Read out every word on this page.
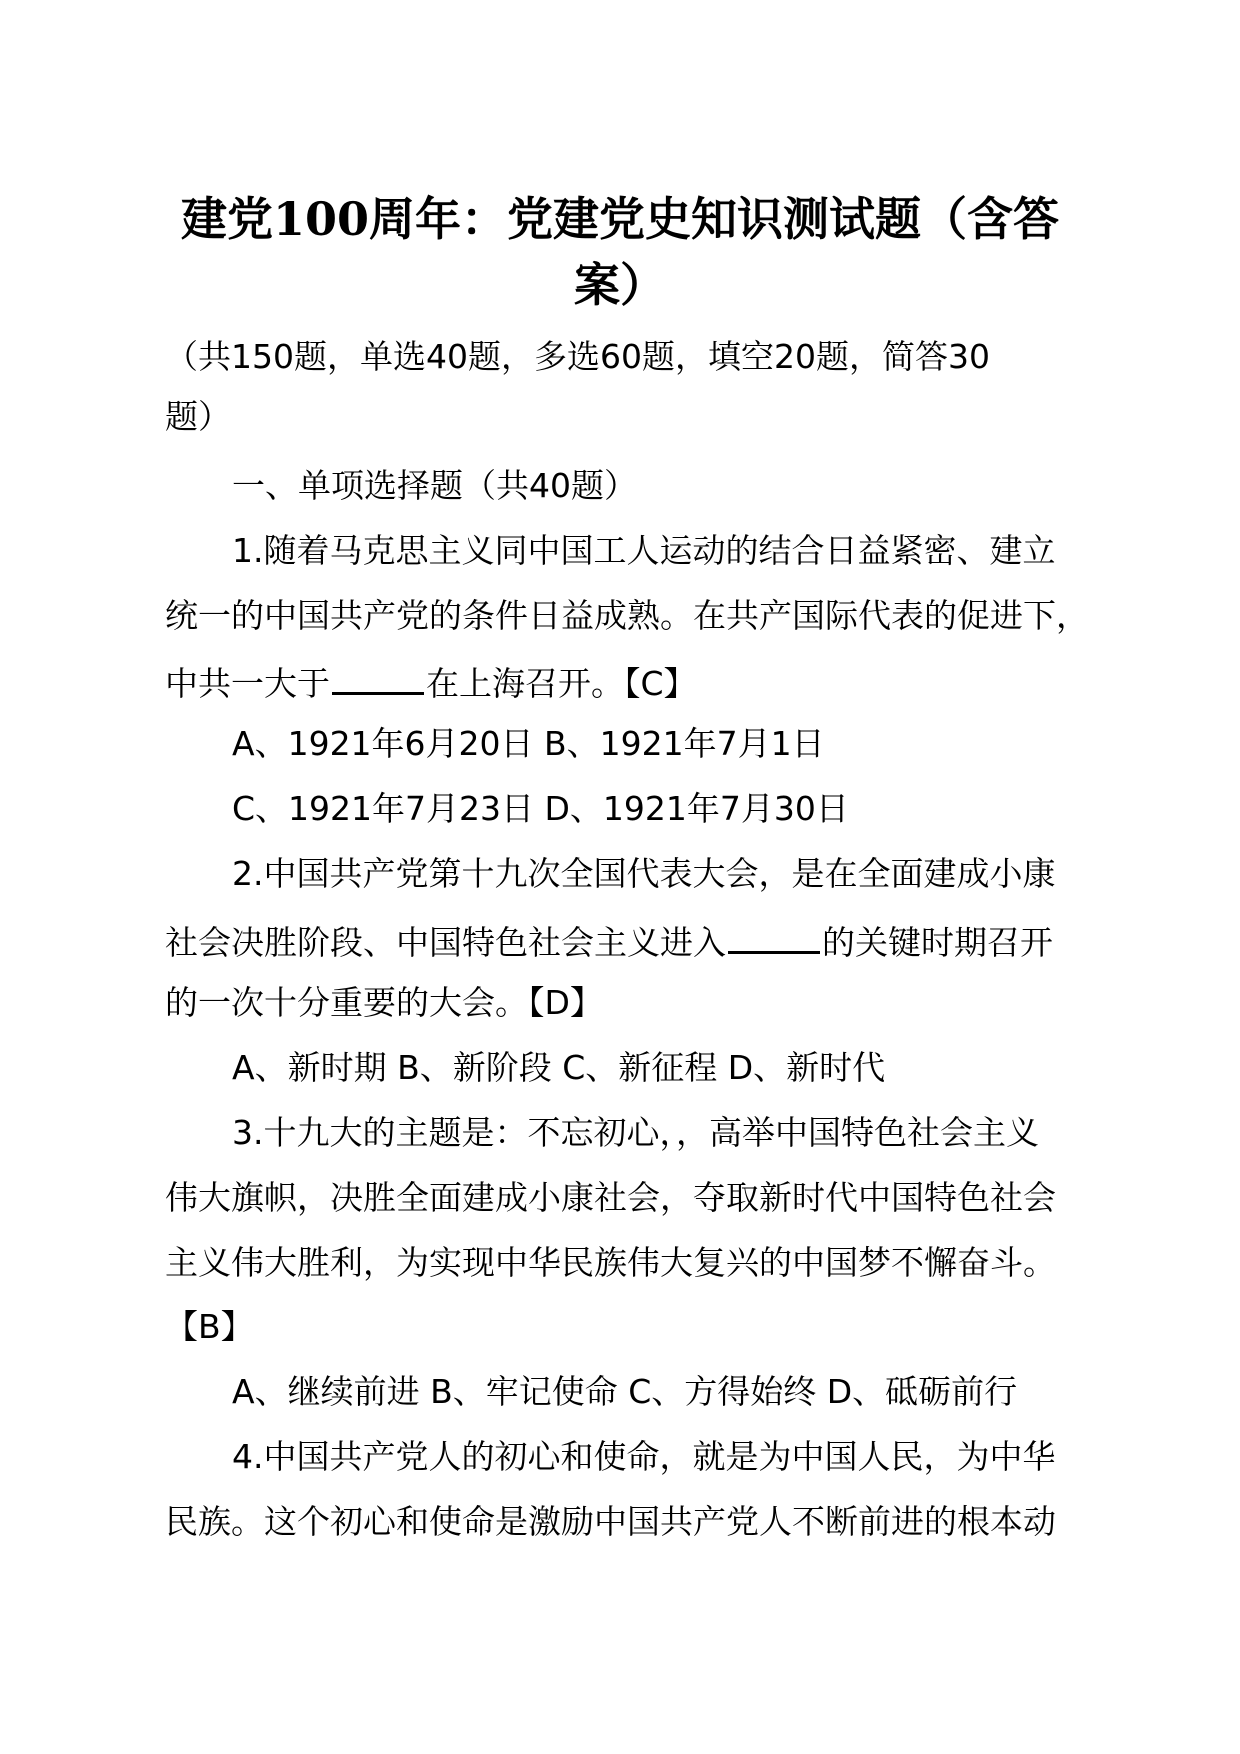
建党100周年：党建党史知识测试题（含答
案）
（共150题，单选40题，多选60题，填空20题，简答30
题）
一、单项选择题（共40题）
1.随着马克思主义同中国工人运动的结合日益紧密、建立
统一的中国共产党的条件日益成熟。在共产国际代表的促进下，
中共一大于	在上海召开。【C】
A、1921年6月20日 B、1921年7月1日
C、1921年7月23日 D、1921年7月30日
2.中国共产党第十九次全国代表大会，是在全面建成小康
社会决胜阶段、中国特色社会主义进入	的关键时期召开
的一次十分重要的大会。【D】
A、新时期 B、新阶段 C、新征程 D、新时代
3.十九大的主题是：不忘初心，，高举中国特色社会主义
伟大旗帜，决胜全面建成小康社会，夺取新时代中国特色社会
主义伟大胜利，为实现中华民族伟大复兴的中国梦不懈奋斗。
【B】
A、继续前进 B、牢记使命 C、方得始终 D、砥砺前行
4.中国共产党人的初心和使命，就是为中国人民，为中华
民族。这个初心和使命是激励中国共产党人不断前进的根本动
